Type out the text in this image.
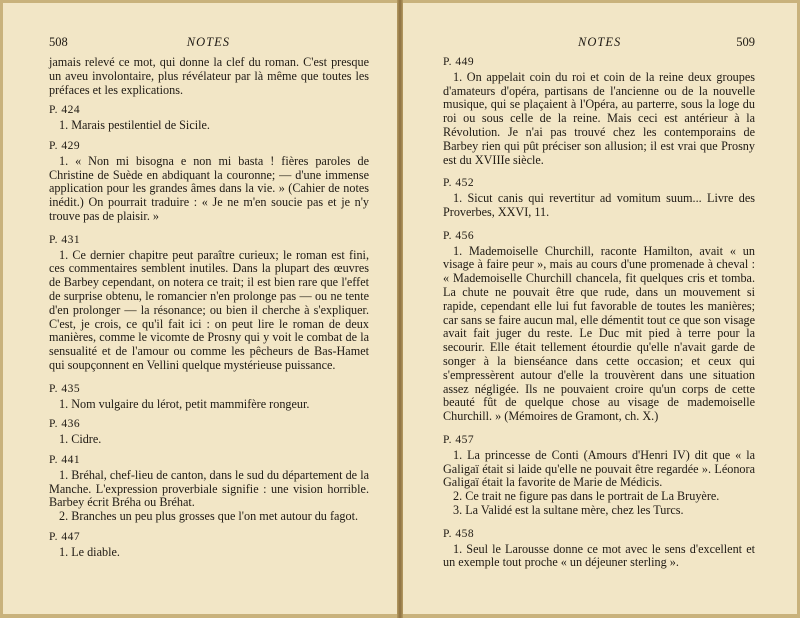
508	NOTES

jamais relevé ce mot, qui donne la clef du roman. C'est presque un aveu involontaire, plus révélateur par là même que toutes les préfaces et les explications.

P. 424

1. Marais pestilentiel de Sicile.

P. 429

1. « Non mi bisogna e non mi basta ! fières paroles de Christine de Suède en abdiquant la couronne; — d'une immense application pour les grandes âmes dans la vie. » (Cahier de notes inédit.) On pourrait traduire : « Je ne m'en soucie pas et je n'y trouve pas de plaisir. »

P. 431

1. Ce dernier chapitre peut paraître curieux; le roman est fini, ces commentaires semblent inutiles. Dans la plupart des œuvres de Barbey cependant, on notera ce trait; il est bien rare que l'effet de surprise obtenu, le romancier n'en prolonge pas — ou ne tente d'en prolonger — la résonance; ou bien il cherche à s'expliquer. C'est, je crois, ce qu'il fait ici : on peut lire le roman de deux manières, comme le vicomte de Prosny qui y voit le combat de la sensualité et de l'amour ou comme les pêcheurs de Bas-Hamet qui soupçonnent en Vellini quelque mystérieuse puissance.

P. 435

1. Nom vulgaire du lérot, petit mammifère rongeur.

P. 436

1. Cidre.

P. 441

1. Bréhal, chef-lieu de canton, dans le sud du département de la Manche. L'expression proverbiale signifie : une vision horrible. Barbey écrit Bréha ou Bréhat.

2. Branches un peu plus grosses que l'on met autour du fagot.

P. 447

1. Le diable.

NOTES	509

P. 449

1. On appelait coin du roi et coin de la reine deux groupes d'amateurs d'opéra, partisans de l'ancienne ou de la nouvelle musique, qui se plaçaient à l'Opéra, au parterre, sous la loge du roi ou sous celle de la reine. Mais ceci est antérieur à la Révolution. Je n'ai pas trouvé chez les contemporains de Barbey rien qui pût préciser son allusion; il est vrai que Prosny est du XVIIIe siècle.

P. 452

1. Sicut canis qui revertitur ad vomitum suum... Livre des Proverbes, XXVI, 11.

P. 456

1. Mademoiselle Churchill, raconte Hamilton, avait « un visage à faire peur », mais au cours d'une promenade à cheval : « Mademoiselle Churchill chancela, fit quelques cris et tomba. La chute ne pouvait être que rude, dans un mouvement si rapide, cependant elle lui fut favorable de toutes les manières; car sans se faire aucun mal, elle démentit tout ce que son visage avait fait juger du reste. Le Duc mit pied à terre pour la secourir. Elle était tellement étourdie qu'elle n'avait garde de songer à la bienséance dans cette occasion; et ceux qui s'empressèrent autour d'elle la trouvèrent dans une situation assez négligée. Ils ne pouvaient croire qu'un corps de cette beauté fût de quelque chose au visage de mademoiselle Churchill. » (Mémoires de Gramont, ch. X.)

P. 457

1. La princesse de Conti (Amours d'Henri IV) dit que « la Galigaï était si laide qu'elle ne pouvait être regardée ». Léonora Galigaï était la favorite de Marie de Médicis.

2. Ce trait ne figure pas dans le portrait de La Bruyère.

3. La Validé est la sultane mère, chez les Turcs.

P. 458

1. Seul le Larousse donne ce mot avec le sens d'excellent et un exemple tout proche « un déjeuner sterling ».
